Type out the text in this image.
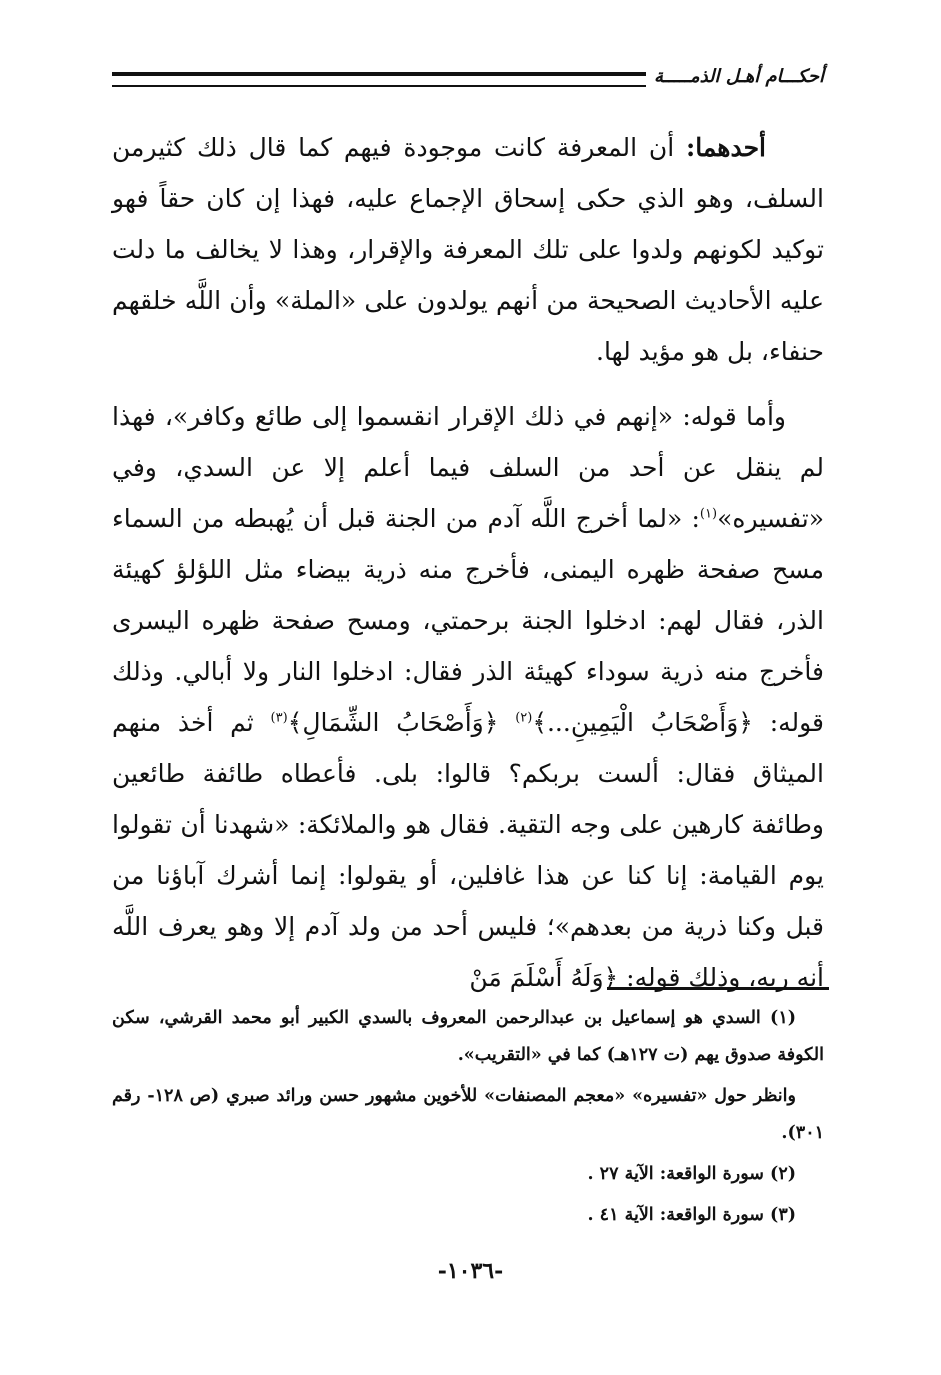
أحكـــام أهـل الذمـــــة

أحدهما: أن المعرفة كانت موجودة فيهم كما قال ذلك كثيرمن السلف، وهو الذي حكى إسحاق الإجماع عليه، فهذا إن كان حقاً فهو توكيد لكونهم ولدوا على تلك المعرفة والإقرار، وهذا لا يخالف ما دلت عليه الأحاديث الصحيحة من أنهم يولدون على «الملة» وأن اللَّه خلقهم حنفاء، بل هو مؤيد لها.

وأما قوله: «إنهم في ذلك الإقرار انقسموا إلى طائع وكافر»، فهذا لم ينقل عن أحد من السلف فيما أعلم إلا عن السدي، وفي «تفسيره»$^{(١)}$: «لما أخرج اللَّه آدم من الجنة قبل أن يُهبطه من السماء مسح صفحة ظهره اليمنى، فأخرج منه ذرية بيضاء مثل اللؤلؤ كهيئة الذر، فقال لهم: ادخلوا الجنة برحمتي، ومسح صفحة ظهره اليسرى فأخرج منه ذرية سوداء كهيئة الذر فقال: ادخلوا النار ولا أبالي. وذلك قوله: ﴿وَأَصْحَابُ الْيَمِينِ...﴾$^{(٢)}$ ﴿وَأَصْحَابُ الشِّمَالِ﴾$^{(٣)}$ ثم أخذ منهم الميثاق فقال: ألست بربكم؟ قالوا: بلى. فأعطاه طائفة طائعين وطائفة كارهين على وجه التقية. فقال هو والملائكة: «شهدنا أن تقولوا يوم القيامة: إنا كنا عن هذا غافلين، أو يقولوا: إنما أشرك آباؤنا من قبل وكنا ذرية من بعدهم»؛ فليس أحد من ولد آدم إلا وهو يعرف اللَّه أنه ربه، وذلك قوله: ﴿وَلَهُ أَسْلَمَ مَنْ

(١) السدي هو إسماعيل بن عبدالرحمن المعروف بالسدي الكبير أبو محمد القرشي، سكن الكوفة صدوق يهم (ت ١٢٧هـ) كما في «التقريب».

وانظر حول «تفسيره» «معجم المصنفات» للأخوين مشهور حسن ورائد صبري (ص ١٢٨- رقم ٣٠١).

(٢) سورة الواقعة: الآية ٢٧ .

(٣) سورة الواقعة: الآية ٤١ .

-١٠٣٦-
